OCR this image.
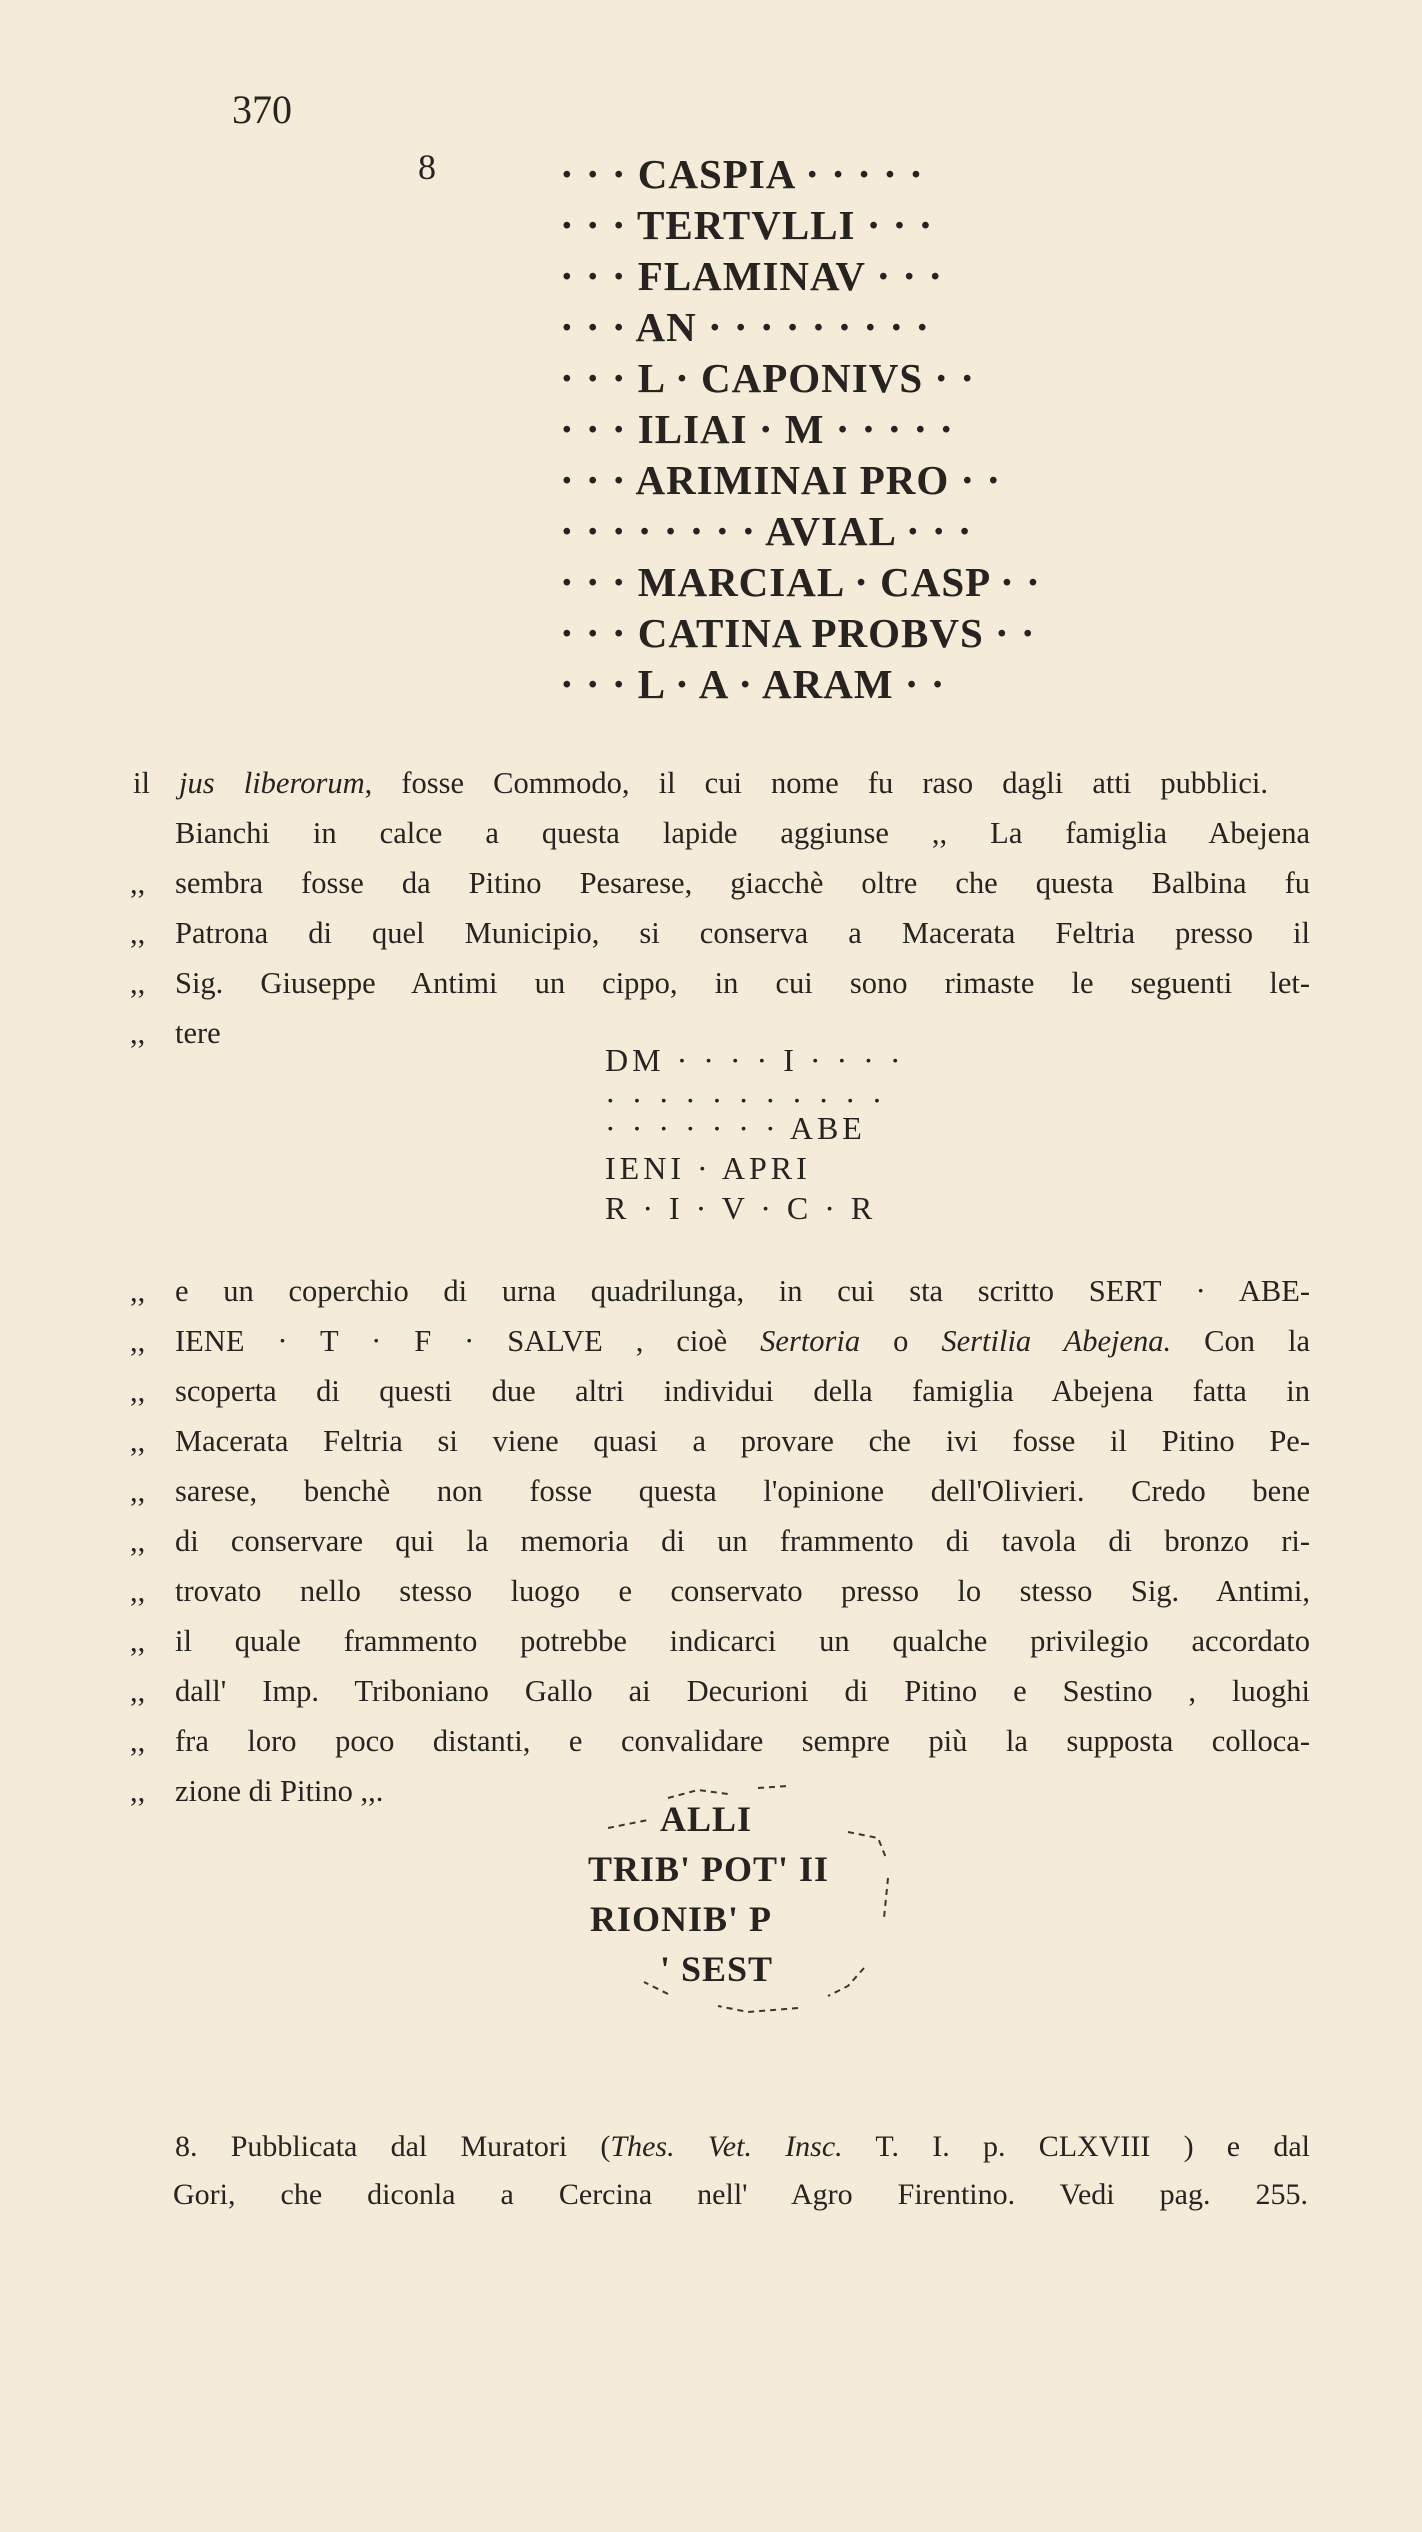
370
8	· · · CASPIA · · · · ·
· · · TERTVLLI · · ·
· · · FLAMINAV · · ·
· · · AN · · · · · · · · ·
· · · L · CAPONIVS · ·
· · · ILIAI · M · · · · ·
· · · ARIMINAI PRO · ·
· · · · · · · · AVIAL · · ·
· · · MARCIAL · CASP · ·
· · · CATINA PROBVS · ·
· · · L · A · ARAM · ·
il jus liberorum, fosse Commodo, il cui nome fu raso dagli atti pubblici.
Bianchi in calce a questa lapide aggiunse ,, La famiglia Abejena
sembra fosse da Pitino Pesarese, giacchè oltre che questa Balbina fu
Patrona di quel Municipio, si conserva a Macerata Feltria presso il
Sig. Giuseppe Antimi un cippo, in cui sono rimaste le seguenti let-
tere
,,
,,
,,
,,
DM · · · · I · · · ·
· · · · · · · · · · ·
· · · · · · · ABE
IENI · APRI
R · I · V · C · R
e un coperchio di urna quadrilunga, in cui sta scritto SERT · ABE-
IENE · T · F · SALVE , cioè Sertoria o Sertilia Abejena. Con la
scoperta di questi due altri individui della famiglia Abejena fatta in
Macerata Feltria si viene quasi a provare che ivi fosse il Pitino Pe-
sarese, benchè non fosse questa l'opinione dell'Olivieri. Credo bene
di conservare qui la memoria di un frammento di tavola di bronzo ri-
trovato nello stesso luogo e conservato presso lo stesso Sig. Antimi,
il quale frammento potrebbe indicarci un qualche privilegio accordato
dall' Imp. Triboniano Gallo ai Decurioni di Pitino e Sestino , luoghi
fra loro poco distanti, e convalidare sempre più la supposta colloca-
zione di Pitino ,,.
,,
,,
,,
,,
,,
,,
,,
,,
,,
,,
,,
ALLI
TRIB' POT' II
RIONIB' P
' SEST
8. Pubblicata dal Muratori (Thes. Vet. Insc. T. I. p. CLXVIII ) e dal
Gori, che diconla a Cercina nell' Agro Firentino. Vedi pag. 255.
